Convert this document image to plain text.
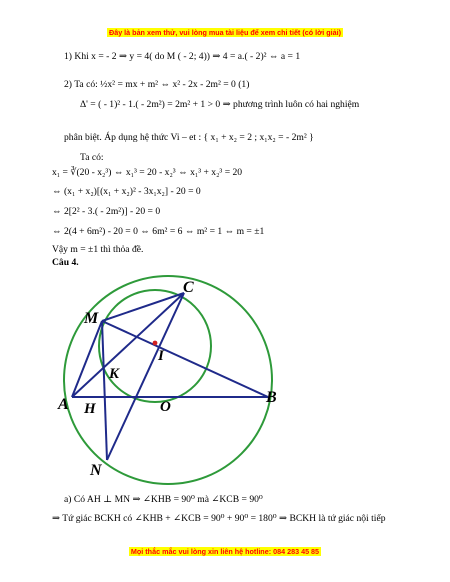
Đây là bản xem thử, vui lòng mua tài liệu để xem chi tiết (có lời giải)
1) Khi x = - 2 ⇒ y = 4( do M ( - 2; 4)) ⇒ 4 = a.( - 2)² ⇔ a = 1
2) Ta có: ½x² = mx + m² ⇔ x² - 2x - 2m² = 0 (1)
Δ' = ( - 1)² - 1.( - 2m²) = 2m² + 1 > 0 ⇒ phương trình luôn có hai nghiệm
phân biệt. Áp dụng hệ thức Vi – et : { x₁ + x₂ = 2 ; x₁x₂ = - 2m² }
Ta có:
x₁ = ∛(20 - x₂³) ⇔ x₁³ = 20 - x₂³ ⇔ x₁³ + x₂³ = 20
⇔ (x₁ + x₂)[(x₁ + x₂)² - 3x₁x₂] - 20 = 0
⇔ 2[2² - 3.( - 2m²)] - 20 = 0
⇔ 2(4 + 6m²) - 20 = 0 ⇔ 6m² = 6 ⇔ m² = 1 ⇔ m = ±1
Vậy m = ±1 thì thỏa đề.
Câu 4.
C
M
I
K
A H	O
B
N
a) Có AH ⊥ MN ⇒ ∠KHB = 90⁰ mà ∠KCB = 90⁰
⇒ Tứ giác BCKH có ∠KHB + ∠KCB = 90⁰ + 90⁰ = 180⁰ ⇒ BCKH là tứ giác nội tiếp
Mọi thắc mắc vui lòng xin liên hệ hotline: 084 283 45 85
